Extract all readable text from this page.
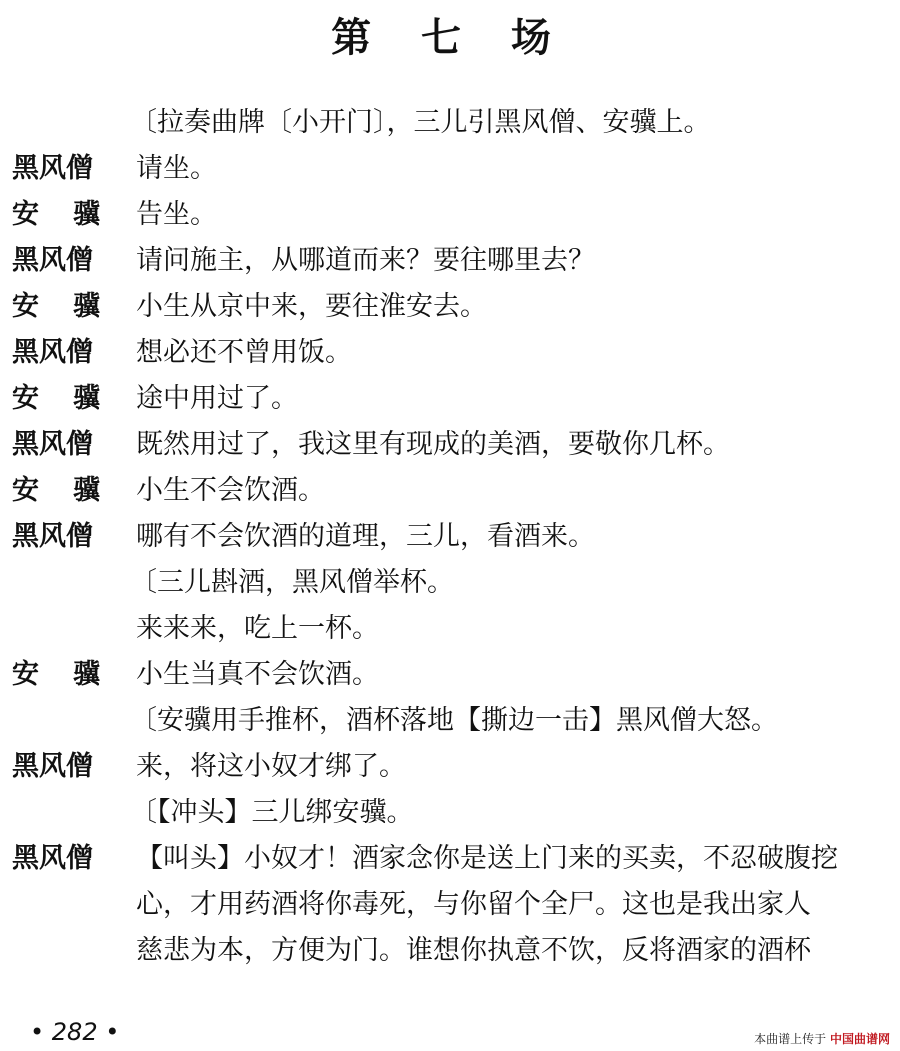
第 七 场
〔拉奏曲牌〔小开门〕，三儿引黑风僧、安骥上。
黑风僧	请坐。
安骥 告坐。
黑风僧	请问施主，从哪道而来？要往哪里去？
安骥 小生从京中来，要往淮安去。
黑风僧	想必还不曾用饭。
安骥 途中用过了。
黑风僧	既然用过了，我这里有现成的美酒，要敬你几杯。
安骥 小生不会饮酒。
黑风僧	哪有不会饮酒的道理，三儿，看酒来。
〔三儿斟酒，黑风僧举杯。
来来来，吃上一杯。
安骥 小生当真不会饮酒。
〔安骥用手推杯，酒杯落地【撕边一击】黑风僧大怒。
黑风僧	来，将这小奴才绑了。
〔【冲头】三儿绑安骥。
黑风僧	【叫头】小奴才！酒家念你是送上门来的买卖，不忍破腹挖
心，才用药酒将你毒死，与你留个全尸。这也是我出家人
慈悲为本，方便为门。谁想你执意不饮，反将酒家的酒杯
• 282 •	本曲谱上传于 中国曲谱网
